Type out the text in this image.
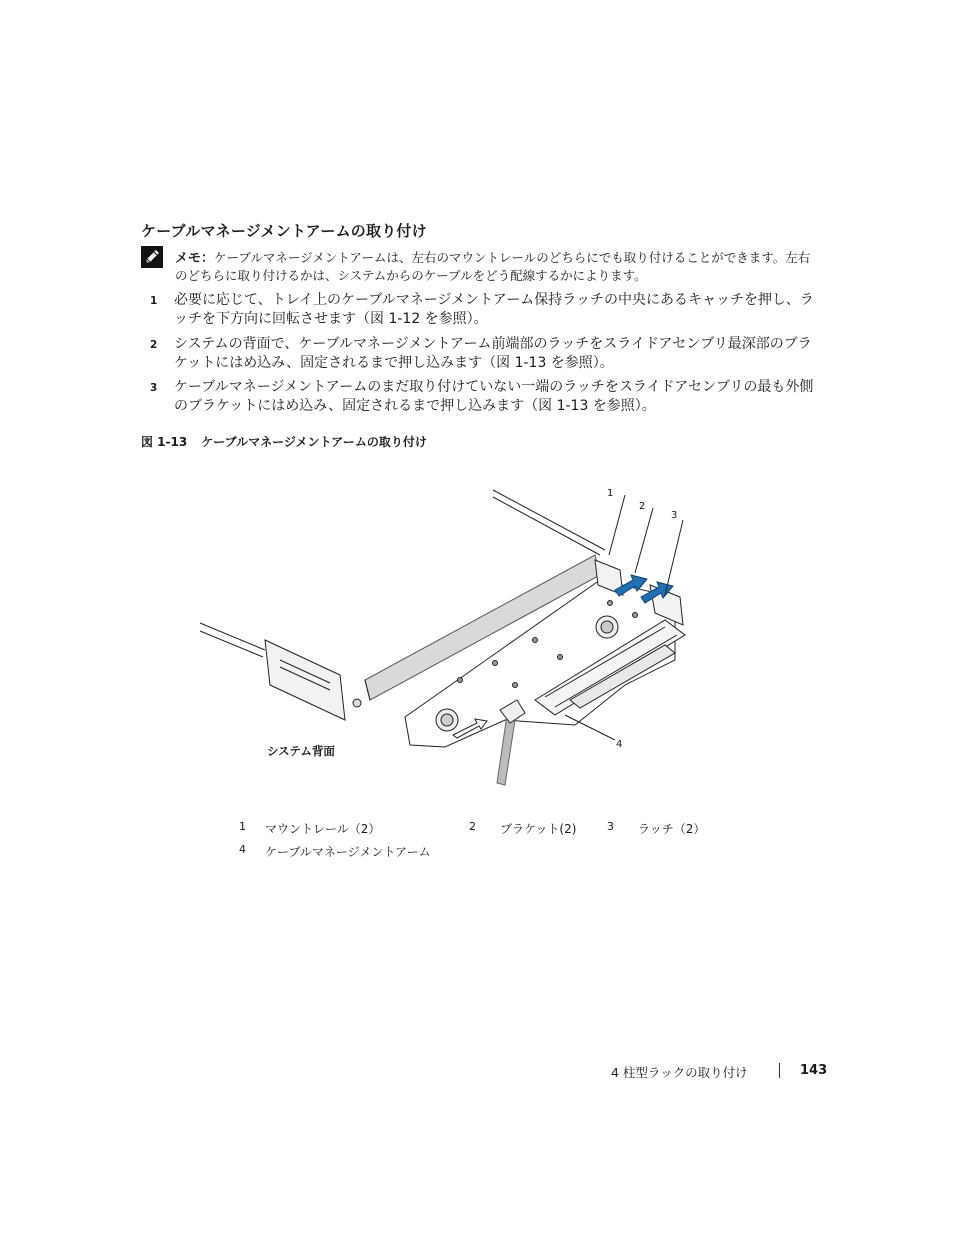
ケーブルマネージメントアームの取り付け
メモ：ケーブルマネージメントアームは、左右のマウントレールのどちらにでも取り付けることができます。左右のどちらに取り付けるかは、システムからのケーブルをどう配線するかによります。
1 必要に応じて、トレイ上のケーブルマネージメントアーム保持ラッチの中央にあるキャッチを押し、ラッチを下方向に回転させます（図 1-12 を参照）。
2 システムの背面で、ケーブルマネージメントアーム前端部のラッチをスライドアセンブリ最深部のブラケットにはめ込み、固定されるまで押し込みます（図 1-13 を参照）。
3 ケーブルマネージメントアームのまだ取り付けていない一端のラッチをスライドアセンブリの最も外側のブラケットにはめ込み、固定されるまで押し込みます（図 1-13 を参照）。
図 1-13 ケーブルマネージメントアームの取り付け
1
2
3
4
システム背面
1 マウントレール（2）	2 ブラケット(2)	3 ラッチ（2）
4 ケーブルマネージメントアーム
4 柱型ラックの取り付け	143
